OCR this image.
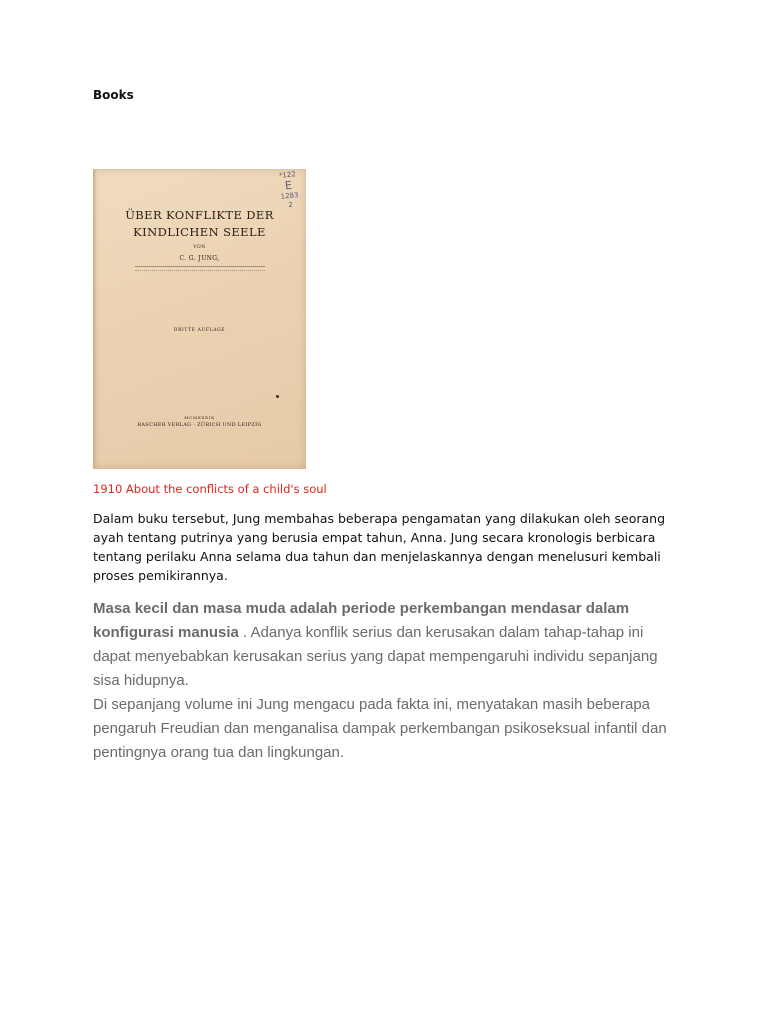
Books
*122
E
1283
2
ÜBER KONFLIKTE DER
KINDLICHEN SEELE
VON
C. G. JUNG,
DRITTE AUFLAGE
MCMXXXIX
RASCHER VERLAG · ZÜRICH UND LEIPZIG
1910 About the conflicts of a child's soul
Dalam buku tersebut, Jung membahas beberapa pengamatan yang dilakukan oleh seorang ayah tentang putrinya yang berusia empat tahun, Anna. Jung secara kronologis berbicara tentang perilaku Anna selama dua tahun dan menjelaskannya dengan menelusuri kembali proses pemikirannya.
Masa kecil dan masa muda adalah periode perkembangan mendasar dalam konfigurasi manusia . Adanya konflik serius dan kerusakan dalam tahap-tahap ini dapat menyebabkan kerusakan serius yang dapat mempengaruhi individu sepanjang sisa hidupnya.
Di sepanjang volume ini Jung mengacu pada fakta ini, menyatakan masih beberapa pengaruh Freudian dan menganalisa dampak perkembangan psikoseksual infantil dan pentingnya orang tua dan lingkungan.
